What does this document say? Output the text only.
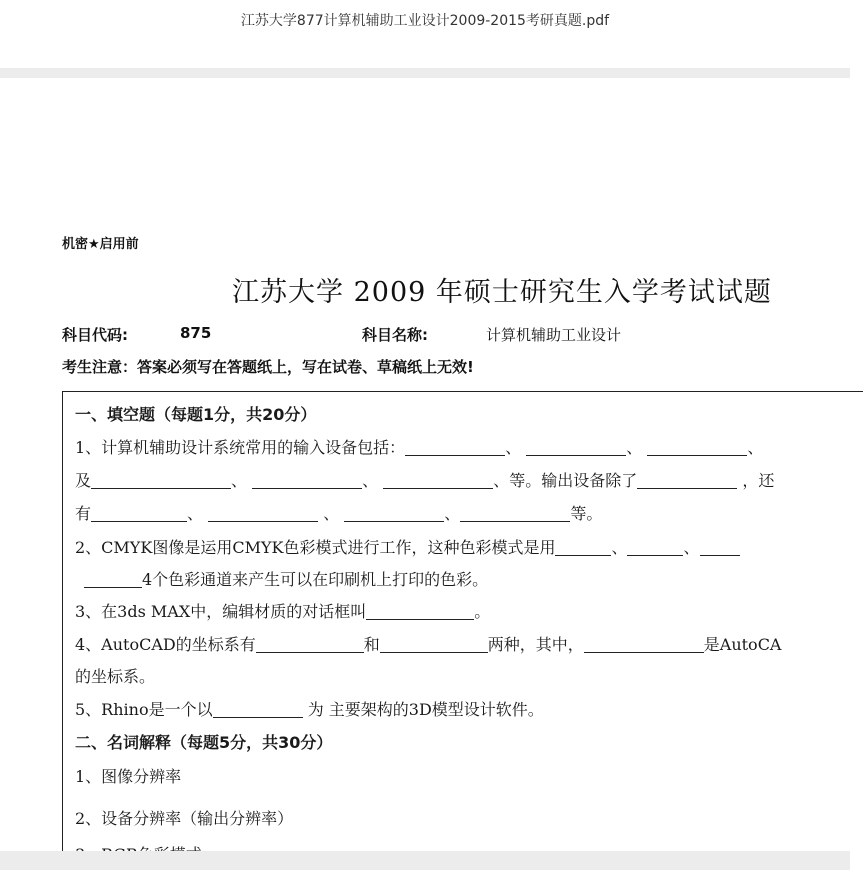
江苏大学877计算机辅助工业设计2009-2015考研真题.pdf
机密★启用前
江苏大学 2009 年硕士研究生入学考试试题
科目代码:	875	科目名称:	计算机辅助工业设计
考生注意：答案必须写在答题纸上，写在试卷、草稿纸上无效!
一、填空题（每题1分，共20分）
1、计算机辅助设计系统常用的输入设备包括：	、	、	、
及	、	、	、等。输出设备除了	，还
有	、	、	、	等。
2、CMYK图像是运用CMYK色彩模式进行工作，这种色彩模式是用	、	、
4个色彩通道来产生可以在印刷机上打印的色彩。
3、在3ds MAX中，编辑材质的对话框叫	。
4、AutoCAD的坐标系有	和	两种，其中，	是AutoCA
的坐标系。
5、Rhino是一个以	为 主要架构的3D模型设计软件。
二、名词解释（每题5分，共30分）
1、图像分辨率
2、设备分辨率（输出分辨率）
